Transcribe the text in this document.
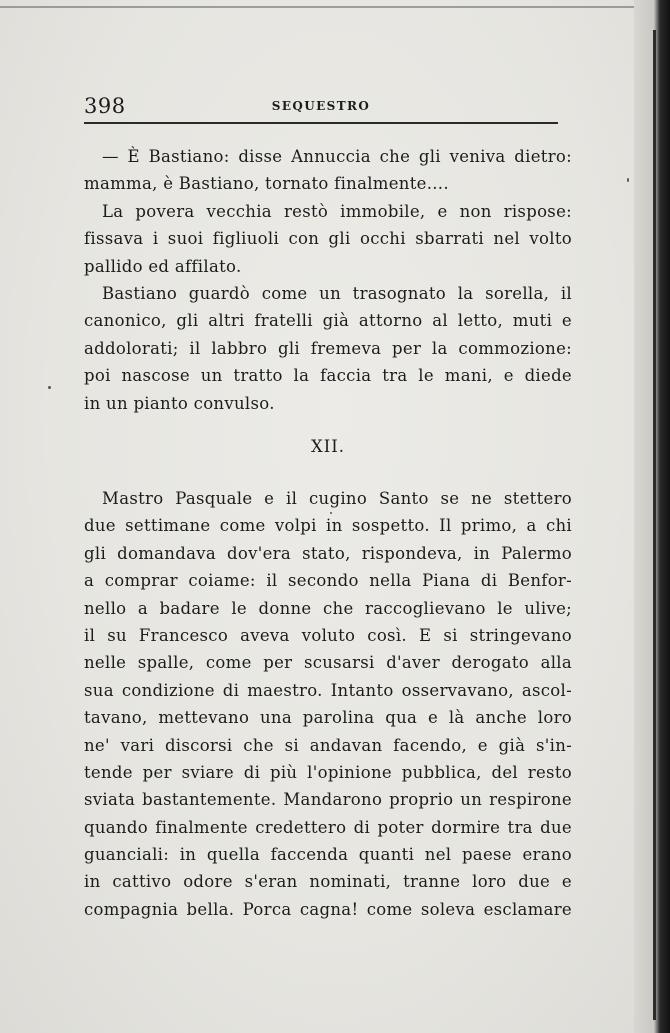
398	SEQUESTRO
— È Bastiano: disse Annuccia che gli veniva dietro:
mamma, è Bastiano, tornato finalmente....
La povera vecchia restò immobile, e non rispose:
fissava i suoi figliuoli con gli occhi sbarrati nel volto
pallido ed affilato.
Bastiano guardò come un trasognato la sorella, il
canonico, gli altri fratelli già attorno al letto, muti e
addolorati; il labbro gli fremeva per la commozione:
poi nascose un tratto la faccia tra le mani, e diede
in un pianto convulso.
XII.
Mastro Pasquale e il cugino Santo se ne stettero
due settimane come volpi in sospetto. Il primo, a chi
gli domandava dov'era stato, rispondeva, in Palermo
a comprar coiame: il secondo nella Piana di Benfor-
nello a badare le donne che raccoglievano le ulive;
il su Francesco aveva voluto così. E si stringevano
nelle spalle, come per scusarsi d'aver derogato alla
sua condizione di maestro. Intanto osservavano, ascol-
tavano, mettevano una parolina qua e là anche loro
ne' vari discorsi che si andavan facendo, e già s'in-
tende per sviare di più l'opinione pubblica, del resto
sviata bastantemente. Mandarono proprio un respirone
quando finalmente credettero di poter dormire tra due
guanciali: in quella faccenda quanti nel paese erano
in cattivo odore s'eran nominati, tranne loro due e
compagnia bella. Porca cagna! come soleva esclamare
